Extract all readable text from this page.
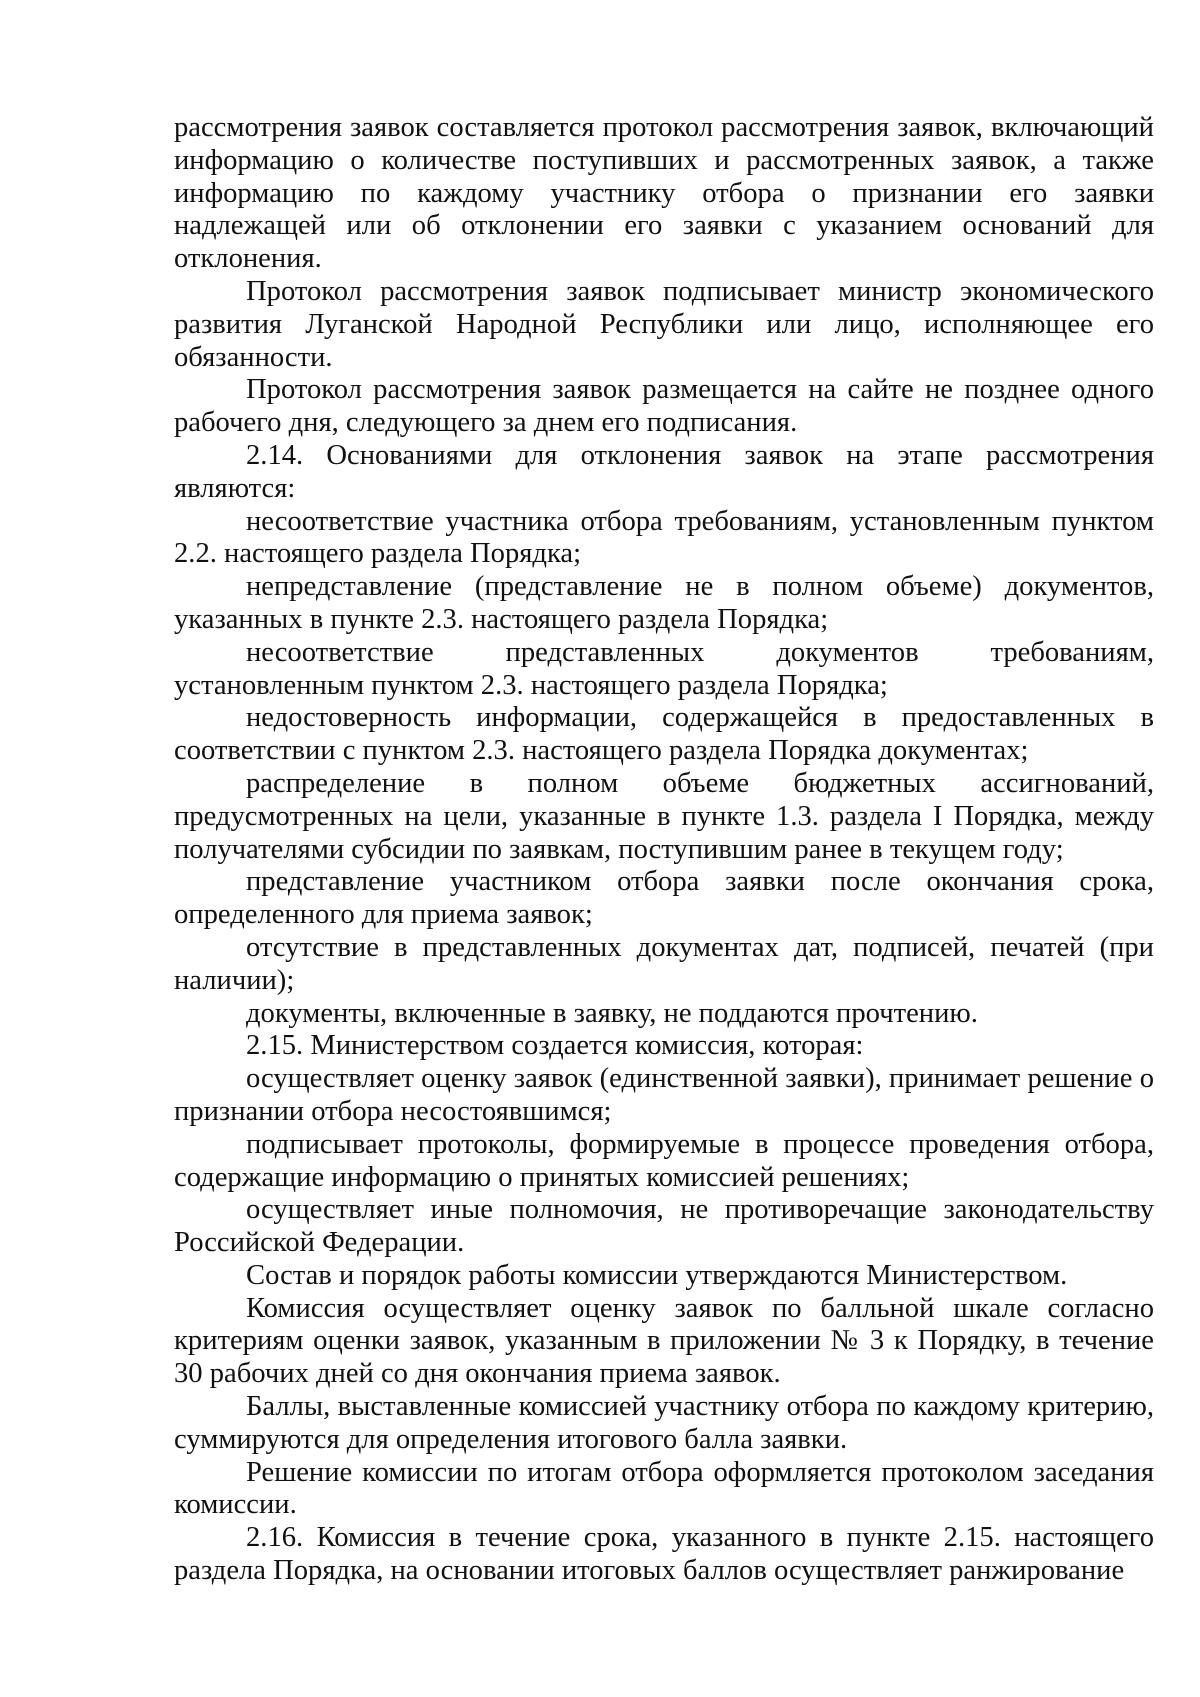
рассмотрения заявок составляется протокол рассмотрения заявок, включающий информацию о количестве поступивших и рассмотренных заявок, а также информацию по каждому участнику отбора о признании его заявки надлежащей или об отклонении его заявки с указанием оснований для отклонения.

Протокол рассмотрения заявок подписывает министр экономического развития Луганской Народной Республики или лицо, исполняющее его обязанности.

Протокол рассмотрения заявок размещается на сайте не позднее одного рабочего дня, следующего за днем его подписания.

2.14. Основаниями для отклонения заявок на этапе рассмотрения являются:

несоответствие участника отбора требованиям, установленным пунктом 2.2. настоящего раздела Порядка;

непредставление (представление не в полном объеме) документов, указанных в пункте 2.3. настоящего раздела Порядка;

несоответствие представленных документов требованиям, установленным пунктом 2.3. настоящего раздела Порядка;

недостоверность информации, содержащейся в предоставленных в соответствии с пунктом 2.3. настоящего раздела Порядка документах;

распределение в полном объеме бюджетных ассигнований, предусмотренных на цели, указанные в пункте 1.3. раздела I Порядка, между получателями субсидии по заявкам, поступившим ранее в текущем году;

представление участником отбора заявки после окончания срока, определенного для приема заявок;

отсутствие в представленных документах дат, подписей, печатей (при наличии);

документы, включенные в заявку, не поддаются прочтению.

2.15. Министерством создается комиссия, которая:

осуществляет оценку заявок (единственной заявки), принимает решение о признании отбора несостоявшимся;

подписывает протоколы, формируемые в процессе проведения отбора, содержащие информацию о принятых комиссией решениях;

осуществляет иные полномочия, не противоречащие законодательству Российской Федерации.

Состав и порядок работы комиссии утверждаются Министерством.

Комиссия осуществляет оценку заявок по балльной шкале согласно критериям оценки заявок, указанным в приложении № 3 к Порядку, в течение 30 рабочих дней со дня окончания приема заявок.

Баллы, выставленные комиссией участнику отбора по каждому критерию, суммируются для определения итогового балла заявки.

Решение комиссии по итогам отбора оформляется протоколом заседания комиссии.

2.16. Комиссия в течение срока, указанного в пункте 2.15. настоящего раздела Порядка, на основании итоговых баллов осуществляет ранжирование
